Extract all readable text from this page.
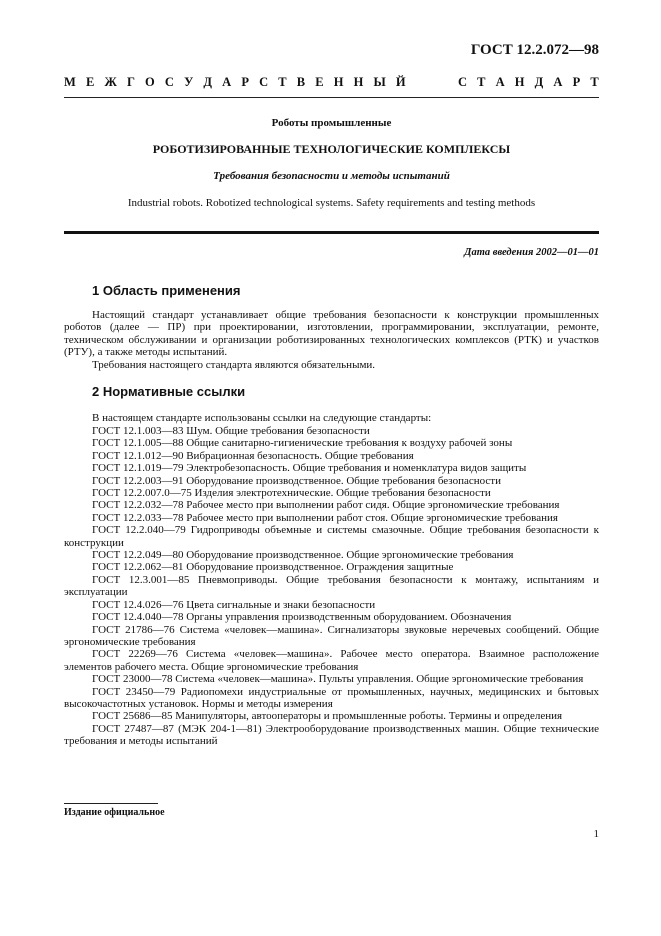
ГОСТ 12.2.072—98
М Е Ж Г О С У Д А Р С Т В Е Н Н Ы Й	С Т А Н Д А Р Т
Роботы промышленные
РОБОТИЗИРОВАННЫЕ ТЕХНОЛОГИЧЕСКИЕ КОМПЛЕКСЫ
Требования безопасности и методы испытаний
Industrial robots. Robotized technological systems. Safety requirements and testing methods
Дата введения 2002—01—01
1 Область применения

Настоящий стандарт устанавливает общие требования безопасности к конструкции промышленных роботов (далее — ПР) при проектировании, изготовлении, программировании, эксплуатации, ремонте, техническом обслуживании и организации роботизированных технологических комплексов (РТК) и участков (РТУ), а также методы испытаний.

Требования настоящего стандарта являются обязательными.

2 Нормативные ссылки

В настоящем стандарте использованы ссылки на следующие стандарты:

ГОСТ 12.1.003—83 Шум. Общие требования безопасности
ГОСТ 12.1.005—88 Общие санитарно-гигиенические требования к воздуху рабочей зоны
ГОСТ 12.1.012—90 Вибрационная безопасность. Общие требования
ГОСТ 12.1.019—79 Электробезопасность. Общие требования и номенклатура видов защиты
ГОСТ 12.2.003—91 Оборудование производственное. Общие требования безопасности
ГОСТ 12.2.007.0—75 Изделия электротехнические. Общие требования безопасности
ГОСТ 12.2.032—78 Рабочее место при выполнении работ сидя. Общие эргономические требования
ГОСТ 12.2.033—78 Рабочее место при выполнении работ стоя. Общие эргономические требования
ГОСТ 12.2.040—79 Гидроприводы объемные и системы смазочные. Общие требования безопасности к конструкции
ГОСТ 12.2.049—80 Оборудование производственное. Общие эргономические требования
ГОСТ 12.2.062—81 Оборудование производственное. Ограждения защитные
ГОСТ 12.3.001—85 Пневмоприводы. Общие требования безопасности к монтажу, испытаниям и эксплуатации
ГОСТ 12.4.026—76 Цвета сигнальные и знаки безопасности
ГОСТ 12.4.040—78 Органы управления производственным оборудованием. Обозначения
ГОСТ 21786—76 Система «человек—машина». Сигнализаторы звуковые неречевых сообщений. Общие эргономические требования
ГОСТ 22269—76 Система «человек—машина». Рабочее место оператора. Взаимное расположение элементов рабочего места. Общие эргономические требования
ГОСТ 23000—78 Система «человек—машина». Пульты управления. Общие эргономические требования
ГОСТ 23450—79 Радиопомехи индустриальные от промышленных, научных, медицинских и бытовых высокочастотных установок. Нормы и методы измерения
ГОСТ 25686—85 Манипуляторы, автооператоры и промышленные роботы. Термины и определения
ГОСТ 27487—87 (МЭК 204-1—81) Электрооборудование производственных машин. Общие технические требования и методы испытаний
Издание официальное
1
